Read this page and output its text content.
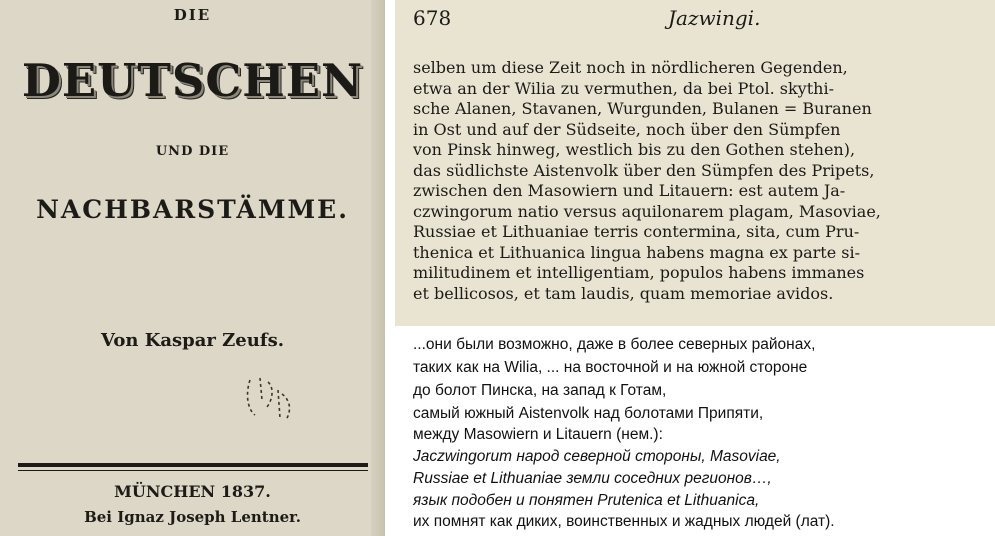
DIE
DEUTSCHEN
UND DIE
NACHBARSTÄMME.
Von Kaspar Zeufs.
MÜNCHEN 1837.
Bei Ignaz Joseph Lentner.
678	Jazwingi.
selben um diese Zeit noch in nördlicheren Gegenden,
etwa an der Wilia zu vermuthen, da bei Ptol. skythi-
sche Alanen, Stavanen, Wurgunden, Bulanen = Buranen
in Ost und auf der Südseite, noch über den Sümpfen
von Pinsk hinweg, westlich bis zu den Gothen stehen),
das südlichste Aistenvolk über den Sümpfen des Pripets,
zwischen den Masowiern und Litauern: est autem Ja-
czwingorum natio versus aquilonarem plagam, Masoviae,
Russiae et Lithuaniae terris contermina, sita, cum Pru-
thenica et Lithuanica lingua habens magna ex parte si-
militudinem et intelligentiam, populos habens immanes
et bellicosos, et tam laudis, quam memoriae avidos.
...они были возможно, даже в более северных районах,
таких как на Wilia, ... на восточной и на южной стороне
до болот Пинска, на запад к Готам,
самый южный Aistenvolk над болотами Припяти,
между Masowiern и Litauern (нем.):
Jaczwingorum народ северной стороны, Masoviae,
Russiae et Lithuaniae земли соседних регионов…,
язык подобен и понятен Prutenica et Lithuanica,
их помнят как диких, воинственных и жадных людей (лат).
